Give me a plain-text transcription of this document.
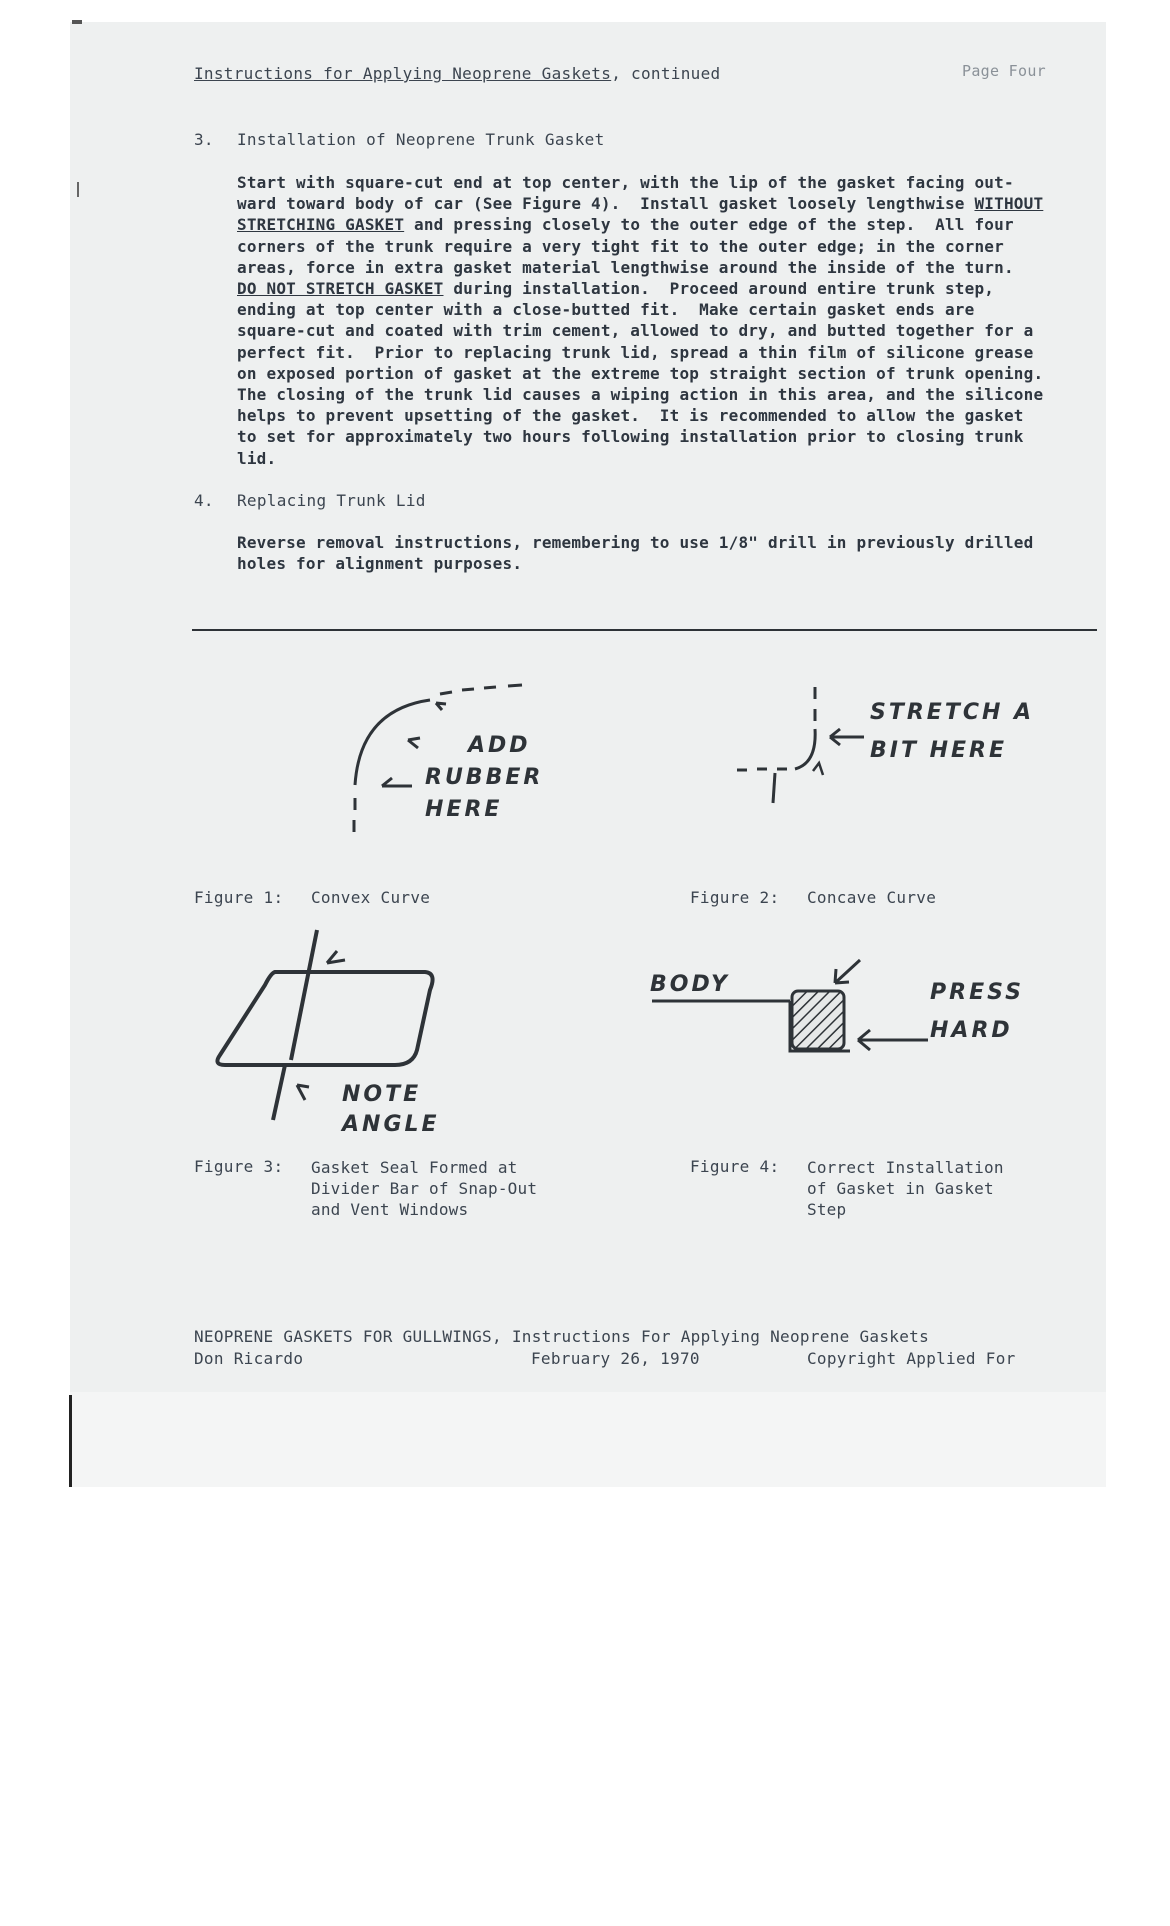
Instructions for Applying Neoprene Gaskets, continued	Page Four
3. Installation of Neoprene Trunk Gasket
Start with square-cut end at top center, with the lip of the gasket facing out-
ward toward body of car (See Figure 4).  Install gasket loosely lengthwise WITHOUT
STRETCHING GASKET and pressing closely to the outer edge of the step.  All four
corners of the trunk require a very tight fit to the outer edge; in the corner
areas, force in extra gasket material lengthwise around the inside of the turn.
DO NOT STRETCH GASKET during installation.  Proceed around entire trunk step,
ending at top center with a close-butted fit.  Make certain gasket ends are
square-cut and coated with trim cement, allowed to dry, and butted together for a
perfect fit.  Prior to replacing trunk lid, spread a thin film of silicone grease
on exposed portion of gasket at the extreme top straight section of trunk opening.
The closing of the trunk lid causes a wiping action in this area, and the silicone
helps to prevent upsetting of the gasket.  It is recommended to allow the gasket
to set for approximately two hours following installation prior to closing trunk
lid.
4. Replacing Trunk Lid
Reverse removal instructions, remembering to use 1/8" drill in previously drilled
holes for alignment purposes.
ADD
RUBBER
HERE
STRETCH A
BIT HERE
Figure 1: Convex Curve	Figure 2: Concave Curve
NOTE
ANGLE
BODY	PRESS
HARD
Figure 3: Gasket Seal Formed at
Divider Bar of Snap-Out
and Vent Windows
Figure 4: Correct Installation
of Gasket in Gasket
Step
NEOPRENE GASKETS FOR GULLWINGS, Instructions For Applying Neoprene Gaskets
Don Ricardo	February 26, 1970	Copyright Applied For
